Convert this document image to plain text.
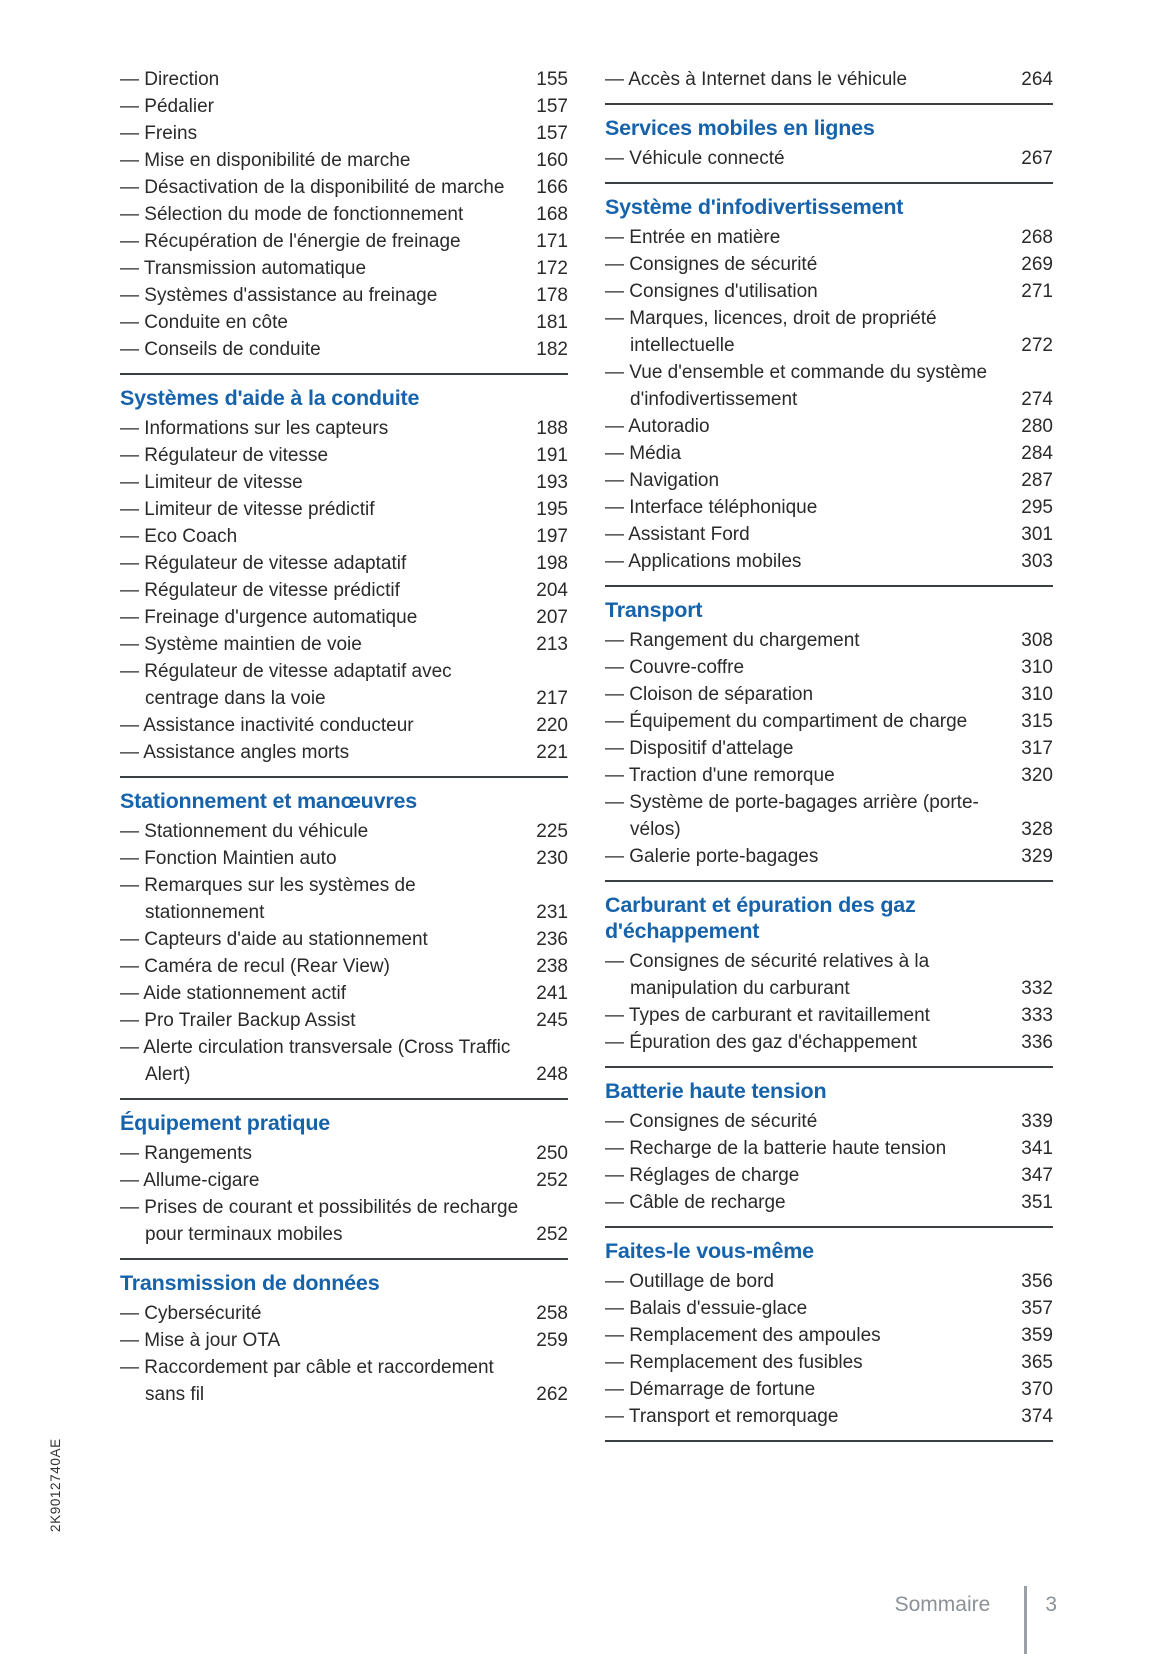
— Direction	155
— Pédalier	157
— Freins	157
— Mise en disponibilité de marche	160
— Désactivation de la disponibilité de marche	166
— Sélection du mode de fonctionnement	168
— Récupération de l'énergie de freinage	171
— Transmission automatique	172
— Systèmes d'assistance au freinage	178
— Conduite en côte	181
— Conseils de conduite	182
Systèmes d'aide à la conduite
— Informations sur les capteurs	188
— Régulateur de vitesse	191
— Limiteur de vitesse	193
— Limiteur de vitesse prédictif	195
— Eco Coach	197
— Régulateur de vitesse adaptatif	198
— Régulateur de vitesse prédictif	204
— Freinage d'urgence automatique	207
— Système maintien de voie	213
— Régulateur de vitesse adaptatif avec centrage dans la voie	217
— Assistance inactivité conducteur	220
— Assistance angles morts	221
Stationnement et manœuvres
— Stationnement du véhicule	225
— Fonction Maintien auto	230
— Remarques sur les systèmes de stationnement	231
— Capteurs d'aide au stationnement	236
— Caméra de recul (Rear View)	238
— Aide stationnement actif	241
— Pro Trailer Backup Assist	245
— Alerte circulation transversale (Cross Traffic Alert)	248
Équipement pratique
— Rangements	250
— Allume-cigare	252
— Prises de courant et possibilités de recharge pour terminaux mobiles	252
Transmission de données
— Cybersécurité	258
— Mise à jour OTA	259
— Raccordement par câble et raccordement sans fil	262
— Accès à Internet dans le véhicule	264
Services mobiles en lignes
— Véhicule connecté	267
Système d'infodivertissement
— Entrée en matière	268
— Consignes de sécurité	269
— Consignes d'utilisation	271
— Marques, licences, droit de propriété intellectuelle	272
— Vue d'ensemble et commande du système d'infodivertissement	274
— Autoradio	280
— Média	284
— Navigation	287
— Interface téléphonique	295
— Assistant Ford	301
— Applications mobiles	303
Transport
— Rangement du chargement	308
— Couvre-coffre	310
— Cloison de séparation	310
— Équipement du compartiment de charge	315
— Dispositif d'attelage	317
— Traction d'une remorque	320
— Système de porte-bagages arrière (porte-vélos)	328
— Galerie porte-bagages	329
Carburant et épuration des gaz d'échappement
— Consignes de sécurité relatives à la manipulation du carburant	332
— Types de carburant et ravitaillement	333
— Épuration des gaz d'échappement	336
Batterie haute tension
— Consignes de sécurité	339
— Recharge de la batterie haute tension	341
— Réglages de charge	347
— Câble de recharge	351
Faites-le vous-même
— Outillage de bord	356
— Balais d'essuie-glace	357
— Remplacement des ampoules	359
— Remplacement des fusibles	365
— Démarrage de fortune	370
— Transport et remorquage	374
2K9012740AE
Sommaire	3
